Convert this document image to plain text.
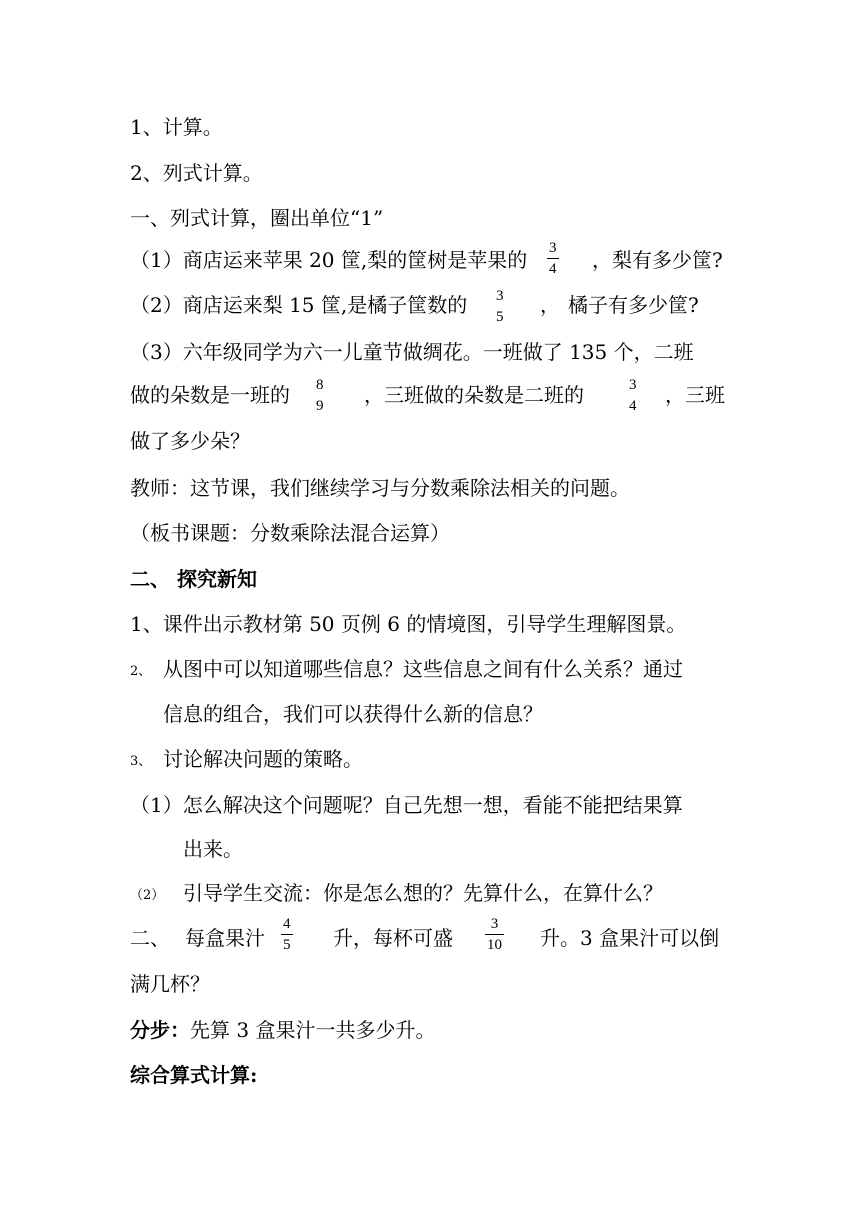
1、计算。
2、列式计算。
一、列式计算，圈出单位“1”
（1）商店运来苹果 20 筐,梨的筐树是苹果的 3
4 ，梨有多少筐?
（2）商店运来梨 15 筐,是橘子筐数的 3
5 ， 橘子有多少筐?
（3）六年级同学为六一儿童节做绸花。一班做了 135 个，二班
做的朵数是一班的 8
9 ，三班做的朵数是二班的	3
4 ，三班
做了多少朵？
教师：这节课，我们继续学习与分数乘除法相关的问题。
（板书课题：分数乘除法混合运算）
二、 探究新知
1、课件出示教材第 50 页例 6 的情境图，引导学生理解图景。
2、 从图中可以知道哪些信息？这些信息之间有什么关系？通过
信息的组合，我们可以获得什么新的信息？
3、 讨论解决问题的策略。
（1）怎么解决这个问题呢？自己先想一想，看能不能把结果算
出来。
（2） 引导学生交流：你是怎么想的？先算什么，在算什么？
二、 每盒果汁
4
5 升，每杯可盛
3
10 升。3 盒果汁可以倒
满几杯？
分步：先算 3 盒果汁一共多少升。
综合算式计算:
